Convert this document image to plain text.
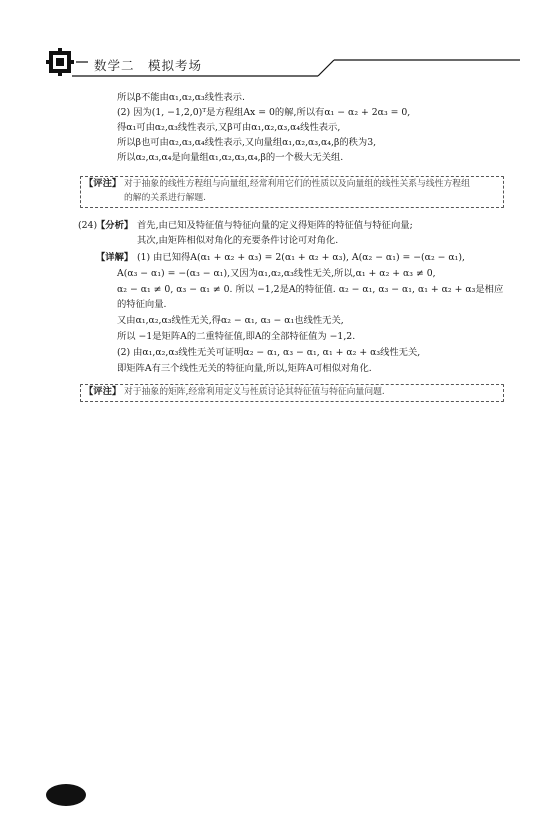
数学二　模拟考场
所以β不能由α₁,α₂,α₃线性表示.
(2) 因为(1, −1,2,0)ᵀ是方程组Ax = 0的解,所以有α₁ − α₂ + 2α₃ = 0,
得α₁可由α₂,α₃线性表示,又β可由α₁,α₂,α₃,α₄线性表示,
所以β也可由α₂,α₃,α₄线性表示,又向量组α₁,α₂,α₃,α₄,β的秩为3,
所以α₂,α₃,α₄是向量组α₁,α₂,α₃,α₄,β的一个极大无关组.
【评注】 对于抽象的线性方程组与向量组,经常利用它们的性质以及向量组的线性关系与线性方程组
的解的关系进行解题.
(24)
【分析】 首先,由已知及特征值与特征向量的定义得矩阵的特征值与特征向量;
其次,由矩阵相似对角化的充要条件讨论可对角化.
【详解】 (1) 由已知得A(α₁ + α₂ + α₃) = 2(α₁ + α₂ + α₃), A(α₂ − α₁) = −(α₂ − α₁),
A(α₃ − α₁) = −(α₃ − α₁),又因为α₁,α₂,α₃线性无关,所以,α₁ + α₂ + α₃ ≠ 0,
α₂ − α₁ ≠ 0, α₃ − α₁ ≠ 0. 所以 −1,2是A的特征值. α₂ − α₁, α₃ − α₁, α₁ + α₂ + α₃是相应
的特征向量.
又由α₁,α₂,α₃线性无关,得α₂ − α₁, α₃ − α₁也线性无关,
所以 −1是矩阵A的二重特征值,即A的全部特征值为 −1,2.
(2) 由α₁,α₂,α₃线性无关可证明α₂ − α₁, α₃ − α₁, α₁ + α₂ + α₃线性无关,
即矩阵A有三个线性无关的特征向量,所以,矩阵A可相似对角化.
【评注】 对于抽象的矩阵,经常利用定义与性质讨论其特征值与特征向量问题.
